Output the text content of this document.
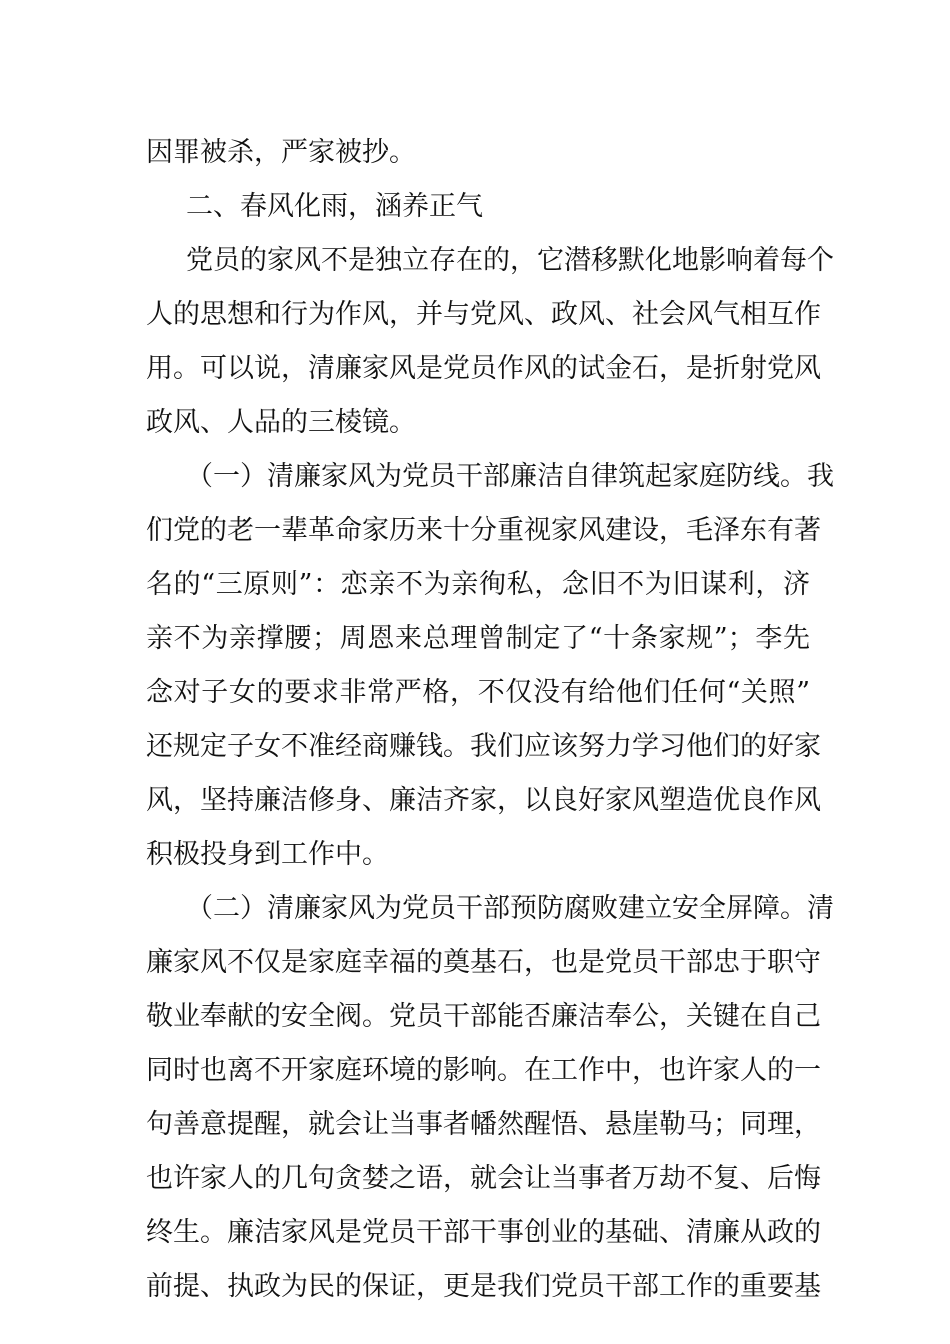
因罪被杀，严家被抄。
二、春风化雨，涵养正气
党员的家风不是独立存在的，它潜移默化地影响着每个
人的思想和行为作风，并与党风、政风、社会风气相互作
用。可以说，清廉家风是党员作风的试金石，是折射党风
政风、人品的三棱镜。
（一）清廉家风为党员干部廉洁自律筑起家庭防线。我
们党的老一辈革命家历来十分重视家风建设，毛泽东有著
名的“三原则”：恋亲不为亲徇私，念旧不为旧谋利，济
亲不为亲撑腰；周恩来总理曾制定了“十条家规”；李先
念对子女的要求非常严格，不仅没有给他们任何“关照”
还规定子女不准经商赚钱。我们应该努力学习他们的好家
风，坚持廉洁修身、廉洁齐家，以良好家风塑造优良作风
积极投身到工作中。
（二）清廉家风为党员干部预防腐败建立安全屏障。清
廉家风不仅是家庭幸福的奠基石，也是党员干部忠于职守
敬业奉献的安全阀。党员干部能否廉洁奉公，关键在自己
同时也离不开家庭环境的影响。在工作中，也许家人的一
句善意提醒，就会让当事者幡然醒悟、悬崖勒马；同理，
也许家人的几句贪婪之语，就会让当事者万劫不复、后悔
终生。廉洁家风是党员干部干事创业的基础、清廉从政的
前提、执政为民的保证，更是我们党员干部工作的重要基
